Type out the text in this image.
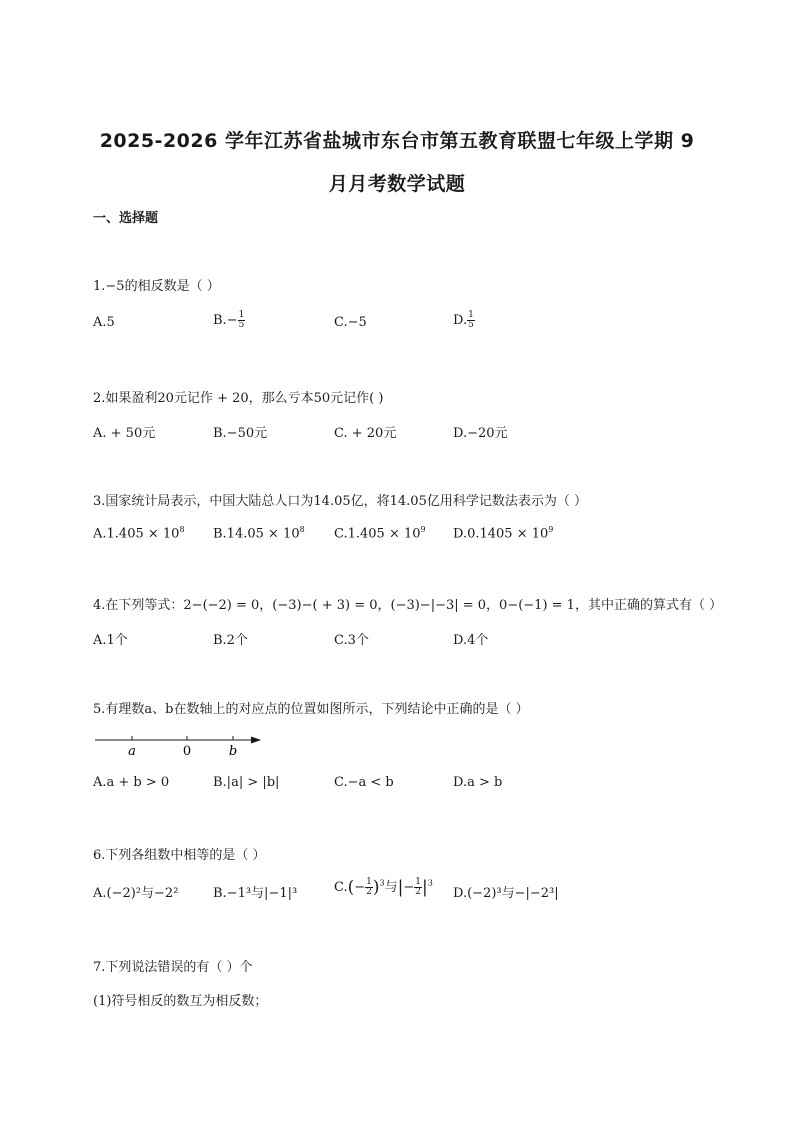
2025-2026 学年江苏省盐城市东台市第五教育联盟七年级上学期 9
月月考数学试题
一、选择题
1.−5的相反数是（ ）
A.5	$B.- \frac{1}{5}$	C.−5	D. $\frac{1}{5}$
2.如果盈利20元记作 + 20，那么亏本50元记作( )
A. + 50元	B.−50元	C. + 20元	D.−20元
3.国家统计局表示，中国大陆总人口为14.05亿，将14.05亿用科学记数法表示为（ ）
$A.1.405 \times 10^8$ $B.14.05 \times 10^8$ $C.1.405 \times 10^9$ $D.0.1405 \times 10^9$
4.在下列等式：2−(−2) = 0，(−3)−( + 3) = 0，(−3)−|−3| = 0，0−(−1) = 1，其中正确的算式有（ ）
A.1个	B.2个	C.3个	D.4个
5.有理数a、b在数轴上的对应点的位置如图所示，下列结论中正确的是（ ）
a	0	b
A.a + b > 0	B.|a| > |b|	C.−a < b	D.a > b
6.下列各组数中相等的是（ ）
A.(−2)²与−2²	B.−1³与|−1|³	$C.(- \frac{1}{2} )^3$与|− $\frac{1}{2} |^3$
D.(−2)³与−|−2³|
7.下列说法错误的有（ ）个
(1)符号相反的数互为相反数；
